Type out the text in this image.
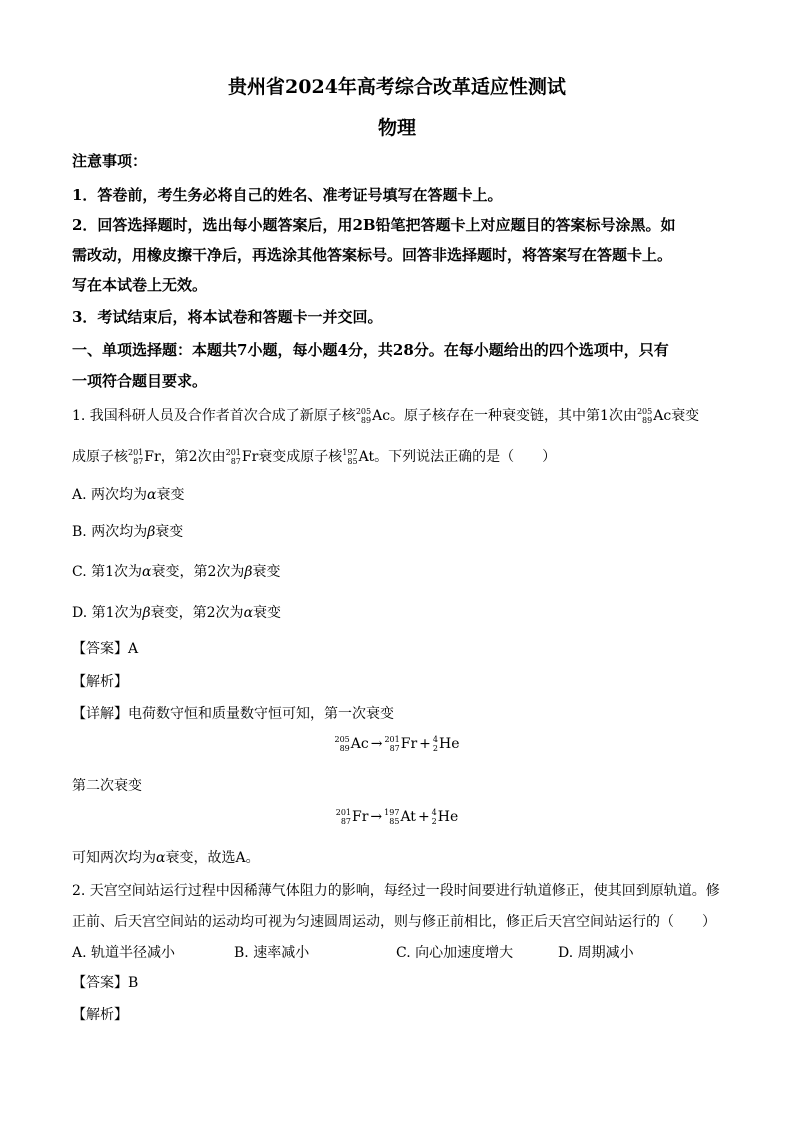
贵州省2024年高考综合改革适应性测试
物理
注意事项：
1．答卷前，考生务必将自己的姓名、准考证号填写在答题卡上。
2．回答选择题时，选出每小题答案后，用2B铅笔把答题卡上对应题目的答案标号涂黑。如
需改动，用橡皮擦干净后，再选涂其他答案标号。回答非选择题时，将答案写在答题卡上。
写在本试卷上无效。
3．考试结束后，将本试卷和答题卡一并交回。
一、单项选择题：本题共7小题，每小题4分，共28分。在每小题给出的四个选项中，只有
一项符合题目要求。
1. 我国科研人员及合作者首次合成了新原子核 205
89 Ac。原子核存在一种衰变链，其中第1次由 205
89 Ac衰变
成原子核 201
87 Fr，第2次由 201
87 Fr衰变成原子核 197
85 At。下列说法正确的是（　　）
A. 两次均为α衰变
B. 两次均为β衰变
C. 第1次为α衰变，第2次为β衰变
D. 第1次为β衰变，第2次为α衰变
【答案】A
【解析】
【详解】电荷数守恒和质量数守恒可知，第一次衰变
205
89 Ac → 201
87 Fr + 4
2 He
第二次衰变
201
87 Fr → 197
85 At + 4
2 He
可知两次均为α衰变，故选A。
2. 天宫空间站运行过程中因稀薄气体阻力的影响，每经过一段时间要进行轨道修正，使其回到原轨道。修
正前、后天宫空间站的运动均可视为匀速圆周运动，则与修正前相比，修正后天宫空间站运行的（　　）
A. 轨道半径减小	B. 速率减小	C. 向心加速度增大	D. 周期减小
【答案】B
【解析】
